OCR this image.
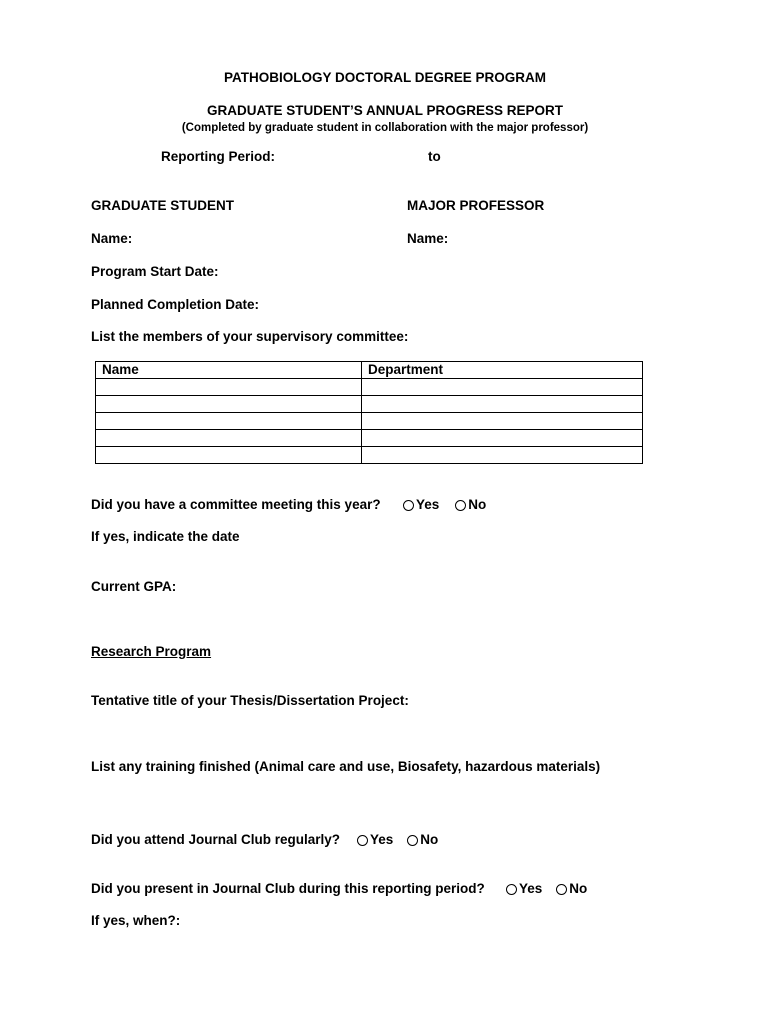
PATHOBIOLOGY DOCTORAL DEGREE PROGRAM
GRADUATE STUDENT’S ANNUAL PROGRESS REPORT
(Completed by graduate student in collaboration with the major professor)
Reporting Period:	to
GRADUATE STUDENT	MAJOR PROFESSOR
Name:	Name:
Program Start Date:
Planned Completion Date:
List the members of your supervisory committee:
Name	Department

Did you have a committee meeting this year?	Yes No
If yes, indicate the date
Current GPA:
Research Program
Tentative title of your Thesis/Dissertation Project:
List any training finished (Animal care and use, Biosafety, hazardous materials)
Did you attend Journal Club regularly? Yes No
Did you present in Journal Club during this reporting period?	Yes No
If yes, when?:
